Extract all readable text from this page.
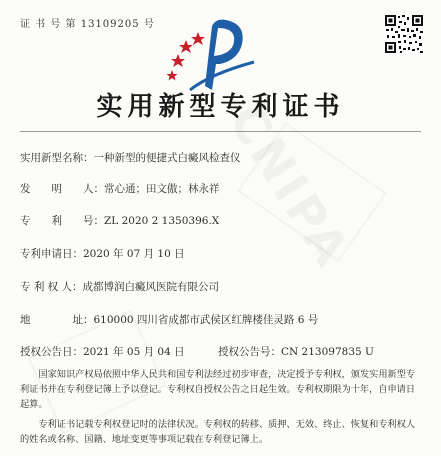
证 书 号 第 13109205 号
实用新型专利证书
实用新型名称：一种新型的便捷式白癜风检查仪
发　　明　　人：常心通；田文傲；林永祥
专　　利　　号：ZL 2020 2 1350396.X
专利申请日：2020 年 07 月 10 日
专 利 权 人：成都博润白癜风医院有限公司
地　　　　址：610000 四川省成都市武侯区红牌楼佳灵路 6 号
授权公告日：2021 年 05 月 04 日	授权公告号：CN 213097835 U
国家知识产权局依照中华人民共和国专利法经过初步审查，决定授予专利权，颁发实用新型专利证书并在专利登记簿上予以登记。专利权自授权公告之日起生效。专利权期限为十年，自申请日起算。
专利证书记载专利权登记时的法律状况。专利权的转移、质押、无效、终止、恢复和专利权人的姓名或名称、国籍、地址变更等事项记载在专利登记簿上。
